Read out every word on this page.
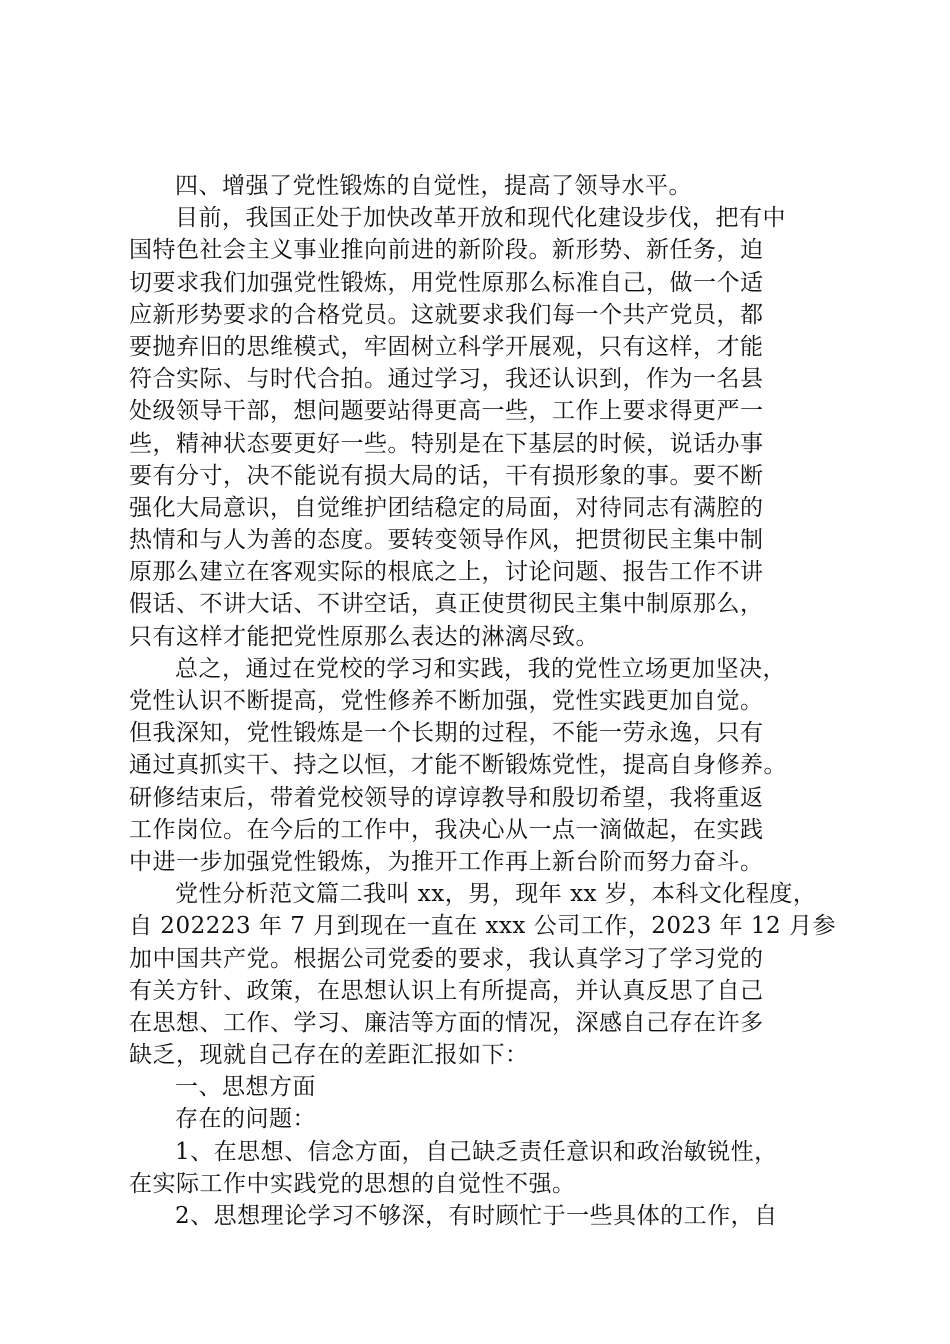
四、增强了党性锻炼的自觉性，提高了领导水平。
目前，我国正处于加快改革开放和现代化建设步伐，把有中
国特色社会主义事业推向前进的新阶段。新形势、新任务，迫
切要求我们加强党性锻炼，用党性原那么标准自己，做一个适
应新形势要求的合格党员。这就要求我们每一个共产党员，都
要抛弃旧的思维模式，牢固树立科学开展观，只有这样，才能
符合实际、与时代合拍。通过学习，我还认识到，作为一名县
处级领导干部，想问题要站得更高一些，工作上要求得更严一
些，精神状态要更好一些。特别是在下基层的时候，说话办事
要有分寸，决不能说有损大局的话，干有损形象的事。要不断
强化大局意识，自觉维护团结稳定的局面，对待同志有满腔的
热情和与人为善的态度。要转变领导作风，把贯彻民主集中制
原那么建立在客观实际的根底之上，讨论问题、报告工作不讲
假话、不讲大话、不讲空话，真正使贯彻民主集中制原那么，
只有这样才能把党性原那么表达的淋漓尽致。
总之，通过在党校的学习和实践，我的党性立场更加坚决，
党性认识不断提高，党性修养不断加强，党性实践更加自觉。
但我深知，党性锻炼是一个长期的过程，不能一劳永逸，只有
通过真抓实干、持之以恒，才能不断锻炼党性，提高自身修养。
研修结束后，带着党校领导的谆谆教导和殷切希望，我将重返
工作岗位。在今后的工作中，我决心从一点一滴做起，在实践
中进一步加强党性锻炼，为推开工作再上新台阶而努力奋斗。
党性分析范文篇二我叫 xx，男，现年 xx 岁，本科文化程度，
自 202223 年 7 月到现在一直在 xxx 公司工作，2023 年 12 月参
加中国共产党。根据公司党委的要求，我认真学习了学习党的
有关方针、政策，在思想认识上有所提高，并认真反思了自己
在思想、工作、学习、廉洁等方面的情况，深感自己存在许多
缺乏，现就自己存在的差距汇报如下：
一、思想方面
存在的问题：
1、在思想、信念方面，自己缺乏责任意识和政治敏锐性，
在实际工作中实践党的思想的自觉性不强。
2、思想理论学习不够深，有时顾忙于一些具体的工作，自
